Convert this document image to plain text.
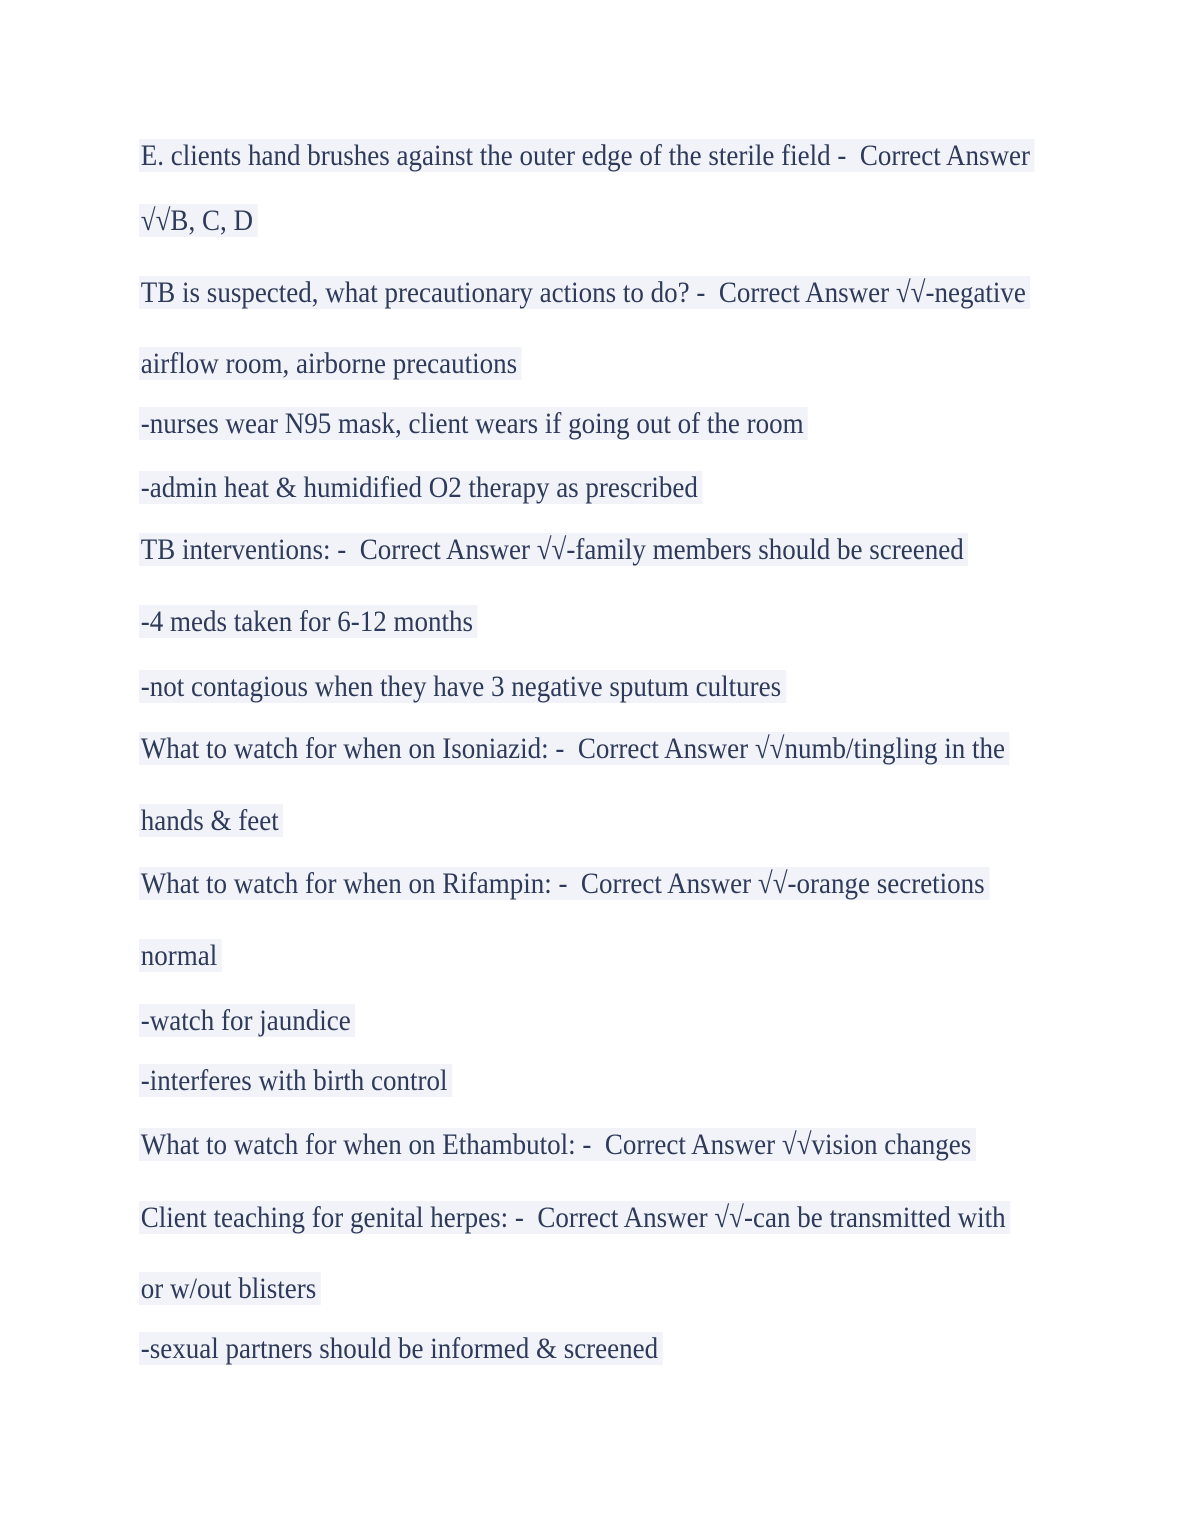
E. clients hand brushes against the outer edge of the sterile field -  Correct Answer
√√B, C, D
TB is suspected, what precautionary actions to do? -  Correct Answer √√-negative
airflow room, airborne precautions
-nurses wear N95 mask, client wears if going out of the room
-admin heat & humidified O2 therapy as prescribed
TB interventions: -  Correct Answer √√-family members should be screened
-4 meds taken for 6-12 months
-not contagious when they have 3 negative sputum cultures
What to watch for when on Isoniazid: -  Correct Answer √√numb/tingling in the
hands & feet
What to watch for when on Rifampin: -  Correct Answer √√-orange secretions
normal
-watch for jaundice
-interferes with birth control
What to watch for when on Ethambutol: -  Correct Answer √√vision changes
Client teaching for genital herpes: -  Correct Answer √√-can be transmitted with
or w/out blisters
-sexual partners should be informed & screened
